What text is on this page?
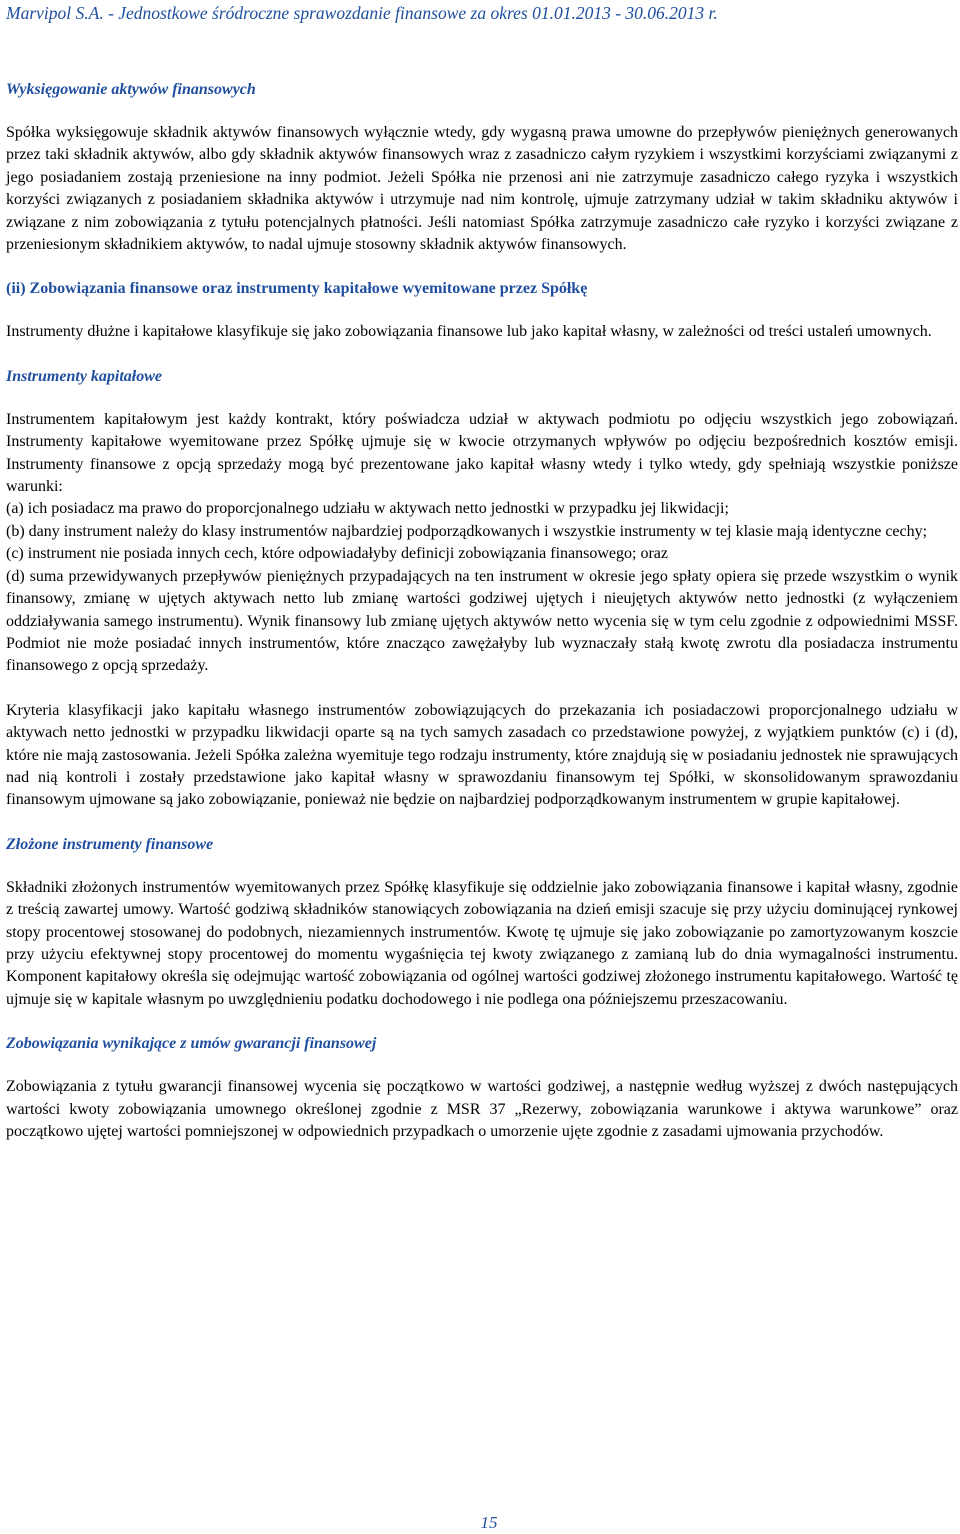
Marvipol S.A. - Jednostkowe śródroczne sprawozdanie finansowe za okres 01.01.2013 - 30.06.2013 r.
Wyksięgowanie aktywów finansowych

Spółka wyksięgowuje składnik aktywów finansowych wyłącznie wtedy, gdy wygasną prawa umowne do przepływów pieniężnych generowanych przez taki składnik aktywów, albo gdy składnik aktywów finansowych wraz z zasadniczo całym ryzykiem i wszystkimi korzyściami związanymi z jego posiadaniem zostają przeniesione na inny podmiot. Jeżeli Spółka nie przenosi ani nie zatrzymuje zasadniczo całego ryzyka i wszystkich korzyści związanych z posiadaniem składnika aktywów i utrzymuje nad nim kontrolę, ujmuje zatrzymany udział w takim składniku aktywów i związane z nim zobowiązania z tytułu potencjalnych płatności. Jeśli natomiast Spółka zatrzymuje zasadniczo całe ryzyko i korzyści związane z przeniesionym składnikiem aktywów, to nadal ujmuje stosowny składnik aktywów finansowych.

(ii) Zobowiązania finansowe oraz instrumenty kapitałowe wyemitowane przez Spółkę

Instrumenty dłużne i kapitałowe klasyfikuje się jako zobowiązania finansowe lub jako kapitał własny, w zależności od treści ustaleń umownych.

Instrumenty kapitałowe

Instrumentem kapitałowym jest każdy kontrakt, który poświadcza udział w aktywach podmiotu po odjęciu wszystkich jego zobowiązań. Instrumenty kapitałowe wyemitowane przez Spółkę ujmuje się w kwocie otrzymanych wpływów po odjęciu bezpośrednich kosztów emisji. Instrumenty finansowe z opcją sprzedaży mogą być prezentowane jako kapitał własny wtedy i tylko wtedy, gdy spełniają wszystkie poniższe warunki:

(a) ich posiadacz ma prawo do proporcjonalnego udziału w aktywach netto jednostki w przypadku jej likwidacji;

(b) dany instrument należy do klasy instrumentów najbardziej podporządkowanych i wszystkie instrumenty w tej klasie mają identyczne cechy;

(c) instrument nie posiada innych cech, które odpowiadałyby definicji zobowiązania finansowego; oraz

(d) suma przewidywanych przepływów pieniężnych przypadających na ten instrument w okresie jego spłaty opiera się przede wszystkim o wynik finansowy, zmianę w ujętych aktywach netto lub zmianę wartości godziwej ujętych i nieujętych aktywów netto jednostki (z wyłączeniem oddziaływania samego instrumentu). Wynik finansowy lub zmianę ujętych aktywów netto wycenia się w tym celu zgodnie z odpowiednimi MSSF. Podmiot nie może posiadać innych instrumentów, które znacząco zawężałyby lub wyznaczały stałą kwotę zwrotu dla posiadacza instrumentu finansowego z opcją sprzedaży.

Kryteria klasyfikacji jako kapitału własnego instrumentów zobowiązujących do przekazania ich posiadaczowi proporcjonalnego udziału w aktywach netto jednostki w przypadku likwidacji oparte są na tych samych zasadach co przedstawione powyżej, z wyjątkiem punktów (c) i (d), które nie mają zastosowania. Jeżeli Spółka zależna wyemituje tego rodzaju instrumenty, które znajdują się w posiadaniu jednostek nie sprawujących nad nią kontroli i zostały przedstawione jako kapitał własny w sprawozdaniu finansowym tej Spółki, w skonsolidowanym sprawozdaniu finansowym ujmowane są jako zobowiązanie, ponieważ nie będzie on najbardziej podporządkowanym instrumentem w grupie kapitałowej.

Złożone instrumenty finansowe

Składniki złożonych instrumentów wyemitowanych przez Spółkę klasyfikuje się oddzielnie jako zobowiązania finansowe i kapitał własny, zgodnie z treścią zawartej umowy. Wartość godziwą składników stanowiących zobowiązania na dzień emisji szacuje się przy użyciu dominującej rynkowej stopy procentowej stosowanej do podobnych, niezamiennych instrumentów. Kwotę tę ujmuje się jako zobowiązanie po zamortyzowanym koszcie przy użyciu efektywnej stopy procentowej do momentu wygaśnięcia tej kwoty związanego z zamianą lub do dnia wymagalności instrumentu. Komponent kapitałowy określa się odejmując wartość zobowiązania od ogólnej wartości godziwej złożonego instrumentu kapitałowego. Wartość tę ujmuje się w kapitale własnym po uwzględnieniu podatku dochodowego i nie podlega ona późniejszemu przeszacowaniu.

Zobowiązania wynikające z umów gwarancji finansowej

Zobowiązania z tytułu gwarancji finansowej wycenia się początkowo w wartości godziwej, a następnie według wyższej z dwóch następujących wartości kwoty zobowiązania umownego określonej zgodnie z MSR 37 „Rezerwy, zobowiązania warunkowe i aktywa warunkowe” oraz początkowo ujętej wartości pomniejszonej w odpowiednich przypadkach o umorzenie ujęte zgodnie z zasadami ujmowania przychodów.

15
